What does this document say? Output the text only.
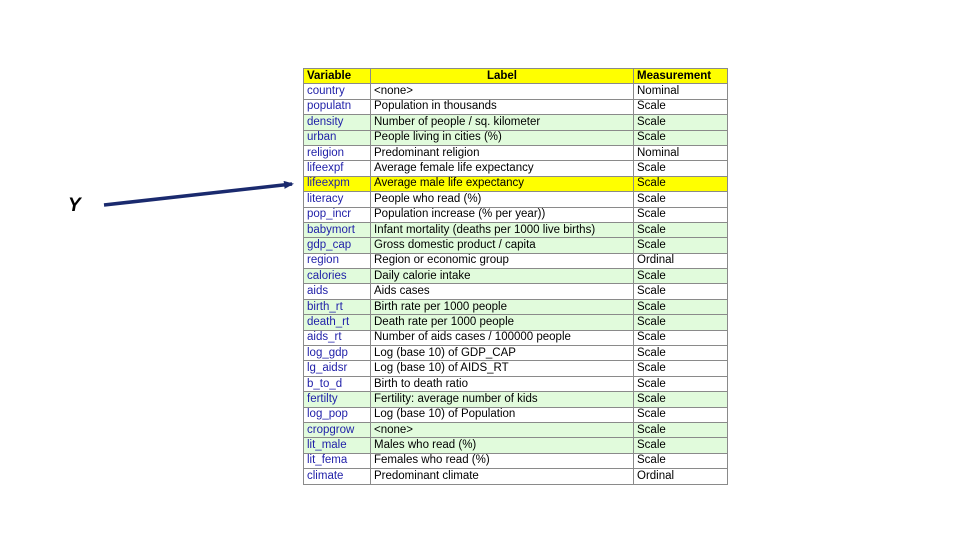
Y
Variable	Label	Measurement
country	<none>	Nominal
populatn	Population in thousands	Scale
density	Number of people / sq. kilometer	Scale
urban	People living in cities (%)	Scale
religion	Predominant religion	Nominal
lifeexpf	Average female life expectancy	Scale
lifeexpm	Average male life expectancy	Scale
literacy	People who read (%)	Scale
pop_incr	Population increase (% per year))	Scale
babymort	Infant mortality (deaths per 1000 live births)	Scale
gdp_cap	Gross domestic product / capita	Scale
region	Region or economic group	Ordinal
calories	Daily calorie intake	Scale
aids	Aids cases	Scale
birth_rt	Birth rate per 1000 people	Scale
death_rt	Death rate per 1000 people	Scale
aids_rt	Number of aids cases / 100000 people	Scale
log_gdp	Log (base 10) of GDP_CAP	Scale
lg_aidsr	Log (base 10) of AIDS_RT	Scale
b_to_d	Birth to death ratio	Scale
fertilty	Fertility: average number of kids	Scale
log_pop	Log (base 10) of Population	Scale
cropgrow	<none>	Scale
lit_male	Males who read (%)	Scale
lit_fema	Females who read (%)	Scale
climate	Predominant climate	Ordinal
